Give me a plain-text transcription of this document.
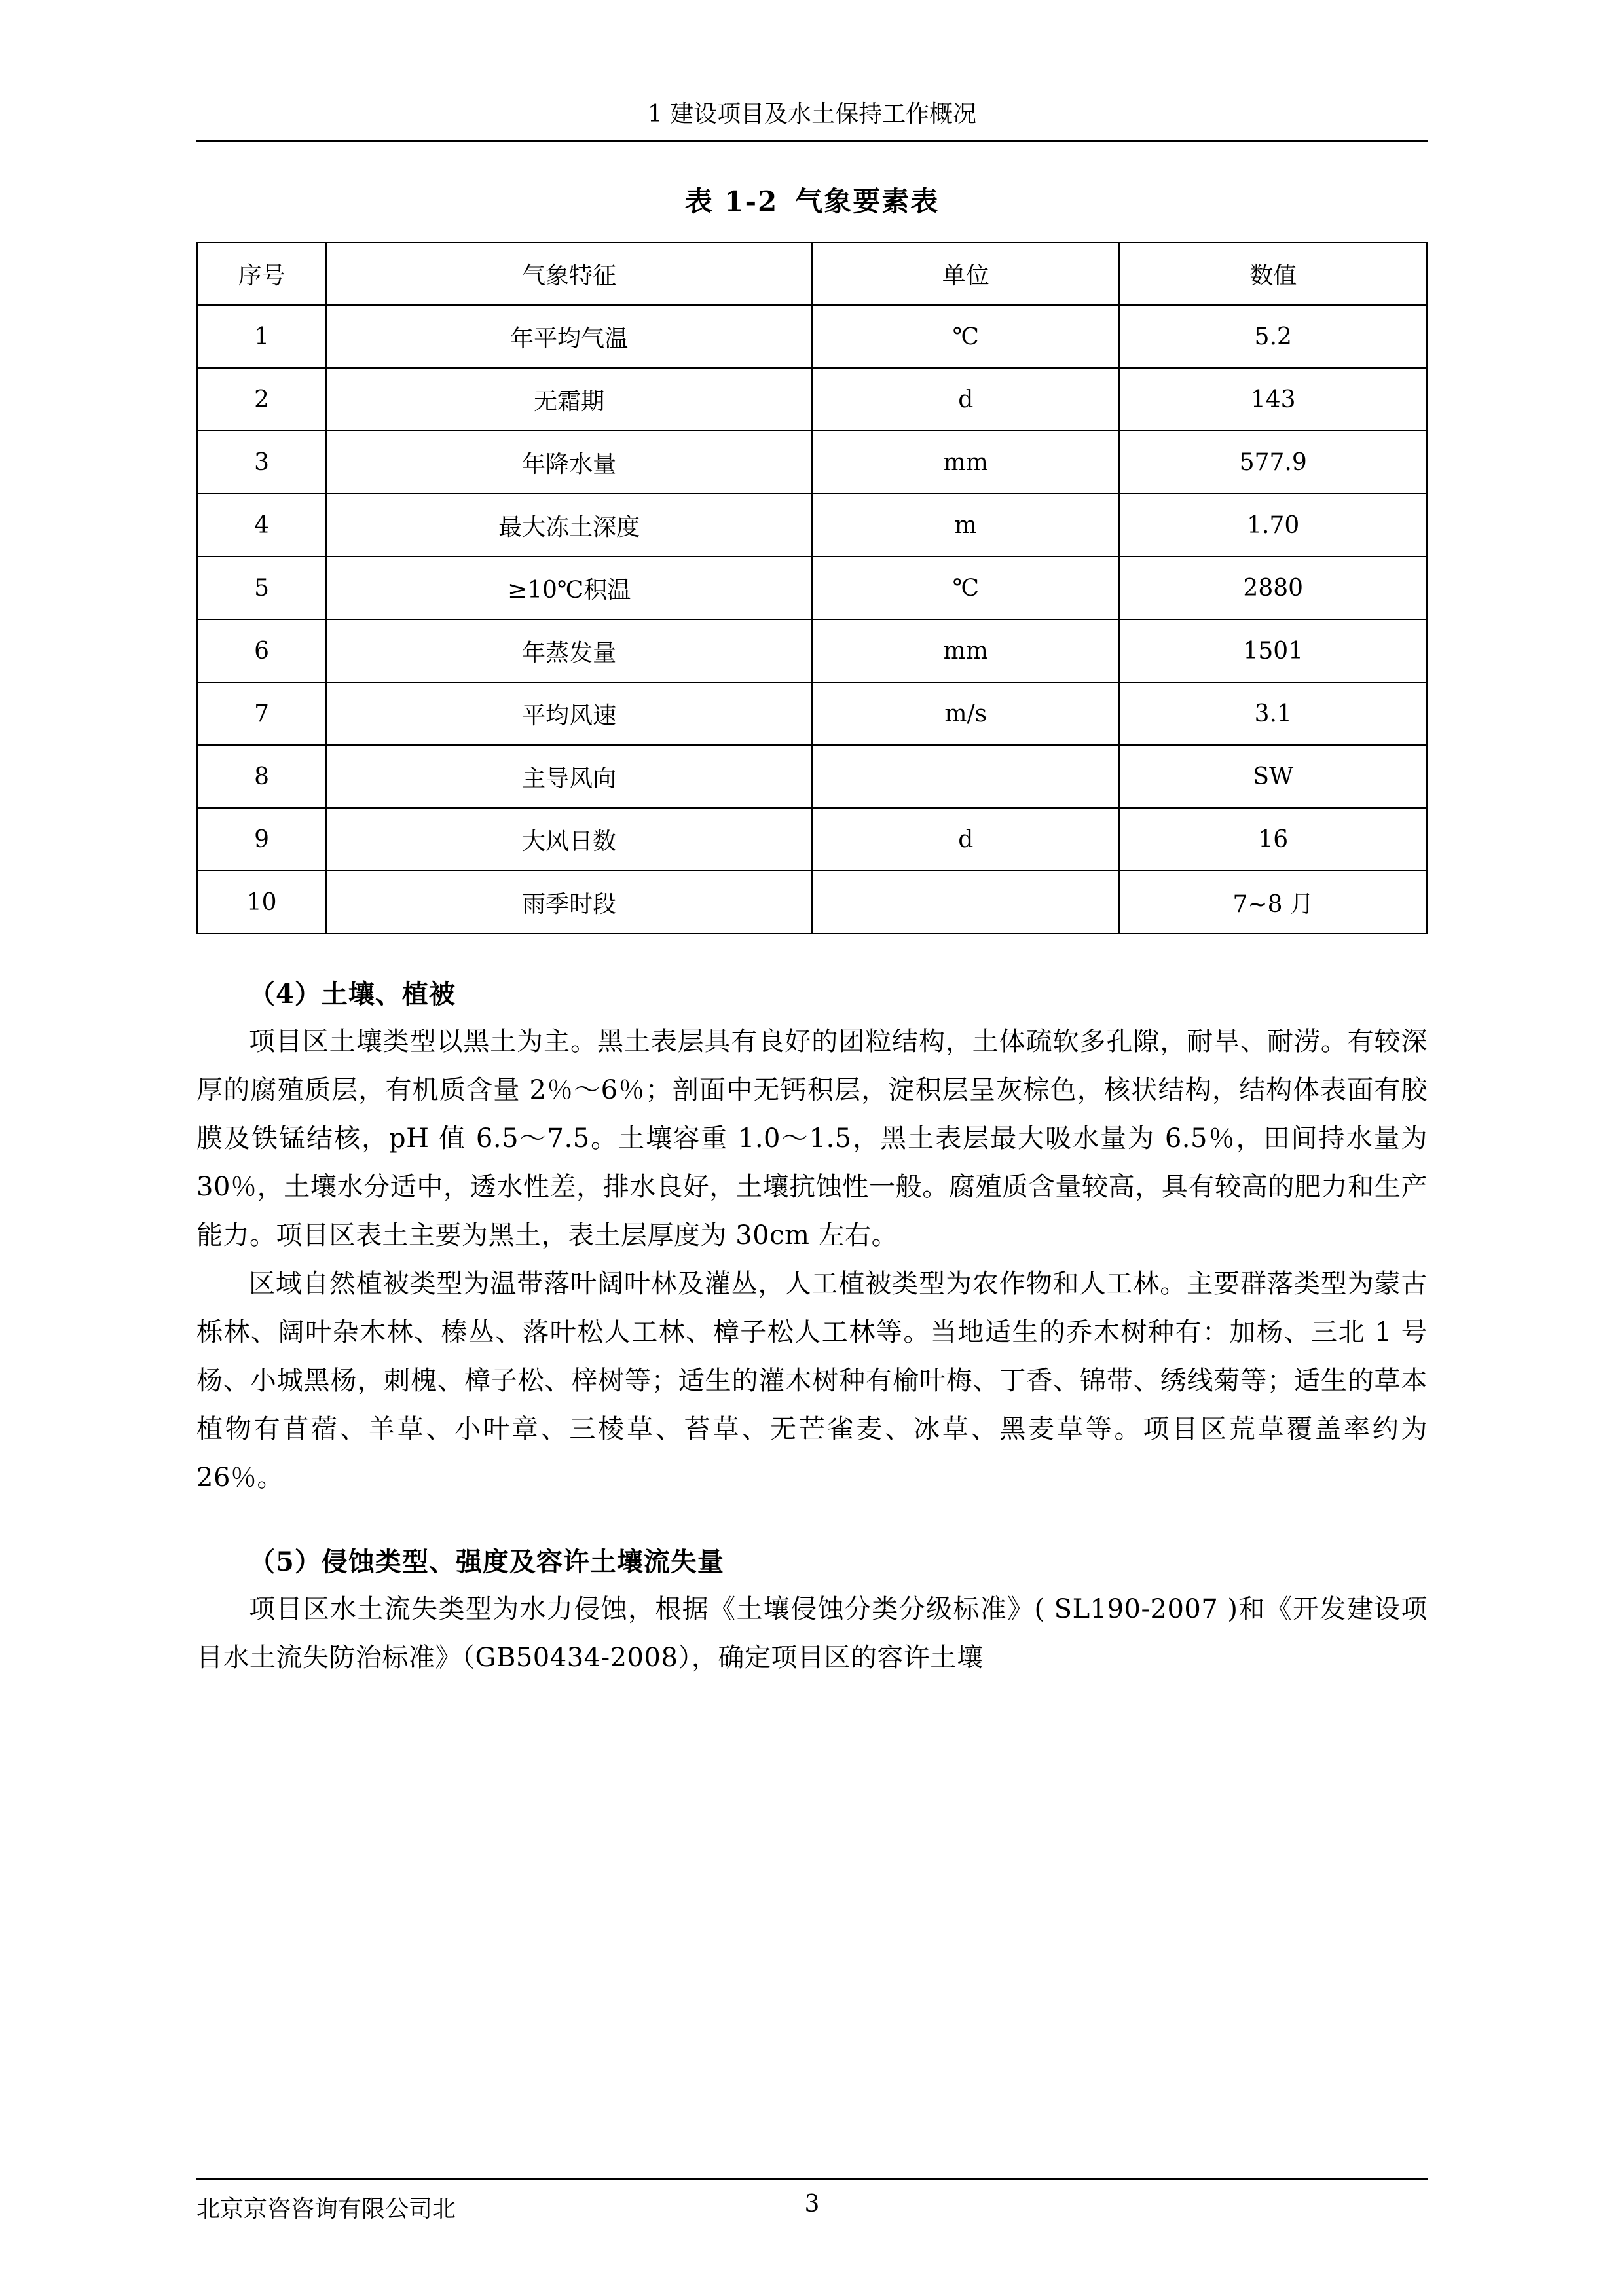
1 建设项目及水土保持工作概况
表 1-2 气象要素表
序号	气象特征	单位	数值
1	年平均气温	℃	5.2
2	无霜期	d	143
3	年降水量	mm	577.9
4	最大冻土深度	m	1.70
5	≥10℃积温	℃	2880
6	年蒸发量	mm	1501
7	平均风速	m/s	3.1
8	主导风向		SW
9	大风日数	d	16
10	雨季时段		7~8 月
（4）土壤、植被

项目区土壤类型以黑土为主。黑土表层具有良好的团粒结构，土体疏软多孔隙，耐旱、耐涝。有较深厚的腐殖质层，有机质含量 2％～6％；剖面中无钙积层，淀积层呈灰棕色，核状结构，结构体表面有胶膜及铁锰结核，pH 值 6.5～7.5。土壤容重 1.0～1.5，黑土表层最大吸水量为 6.5％，田间持水量为 30％，土壤水分适中，透水性差，排水良好，土壤抗蚀性一般。腐殖质含量较高，具有较高的肥力和生产能力。项目区表土主要为黑土，表土层厚度为 30cm 左右。

区域自然植被类型为温带落叶阔叶林及灌丛，人工植被类型为农作物和人工林。主要群落类型为蒙古栎林、阔叶杂木林、榛丛、落叶松人工林、樟子松人工林等。当地适生的乔木树种有：加杨、三北 1 号杨、小城黑杨，刺槐、樟子松、梓树等；适生的灌木树种有榆叶梅、丁香、锦带、绣线菊等；适生的草本植物有苜蓿、羊草、小叶章、三棱草、苔草、无芒雀麦、冰草、黑麦草等。项目区荒草覆盖率约为 26％。

（5）侵蚀类型、强度及容许土壤流失量

项目区水土流失类型为水力侵蚀，根据《土壤侵蚀分类分级标准》( SL190-2007 )和《开发建设项目水土流失防治标准》（GB50434-2008），确定项目区的容许土壤

北京京咨咨询有限公司北	3
